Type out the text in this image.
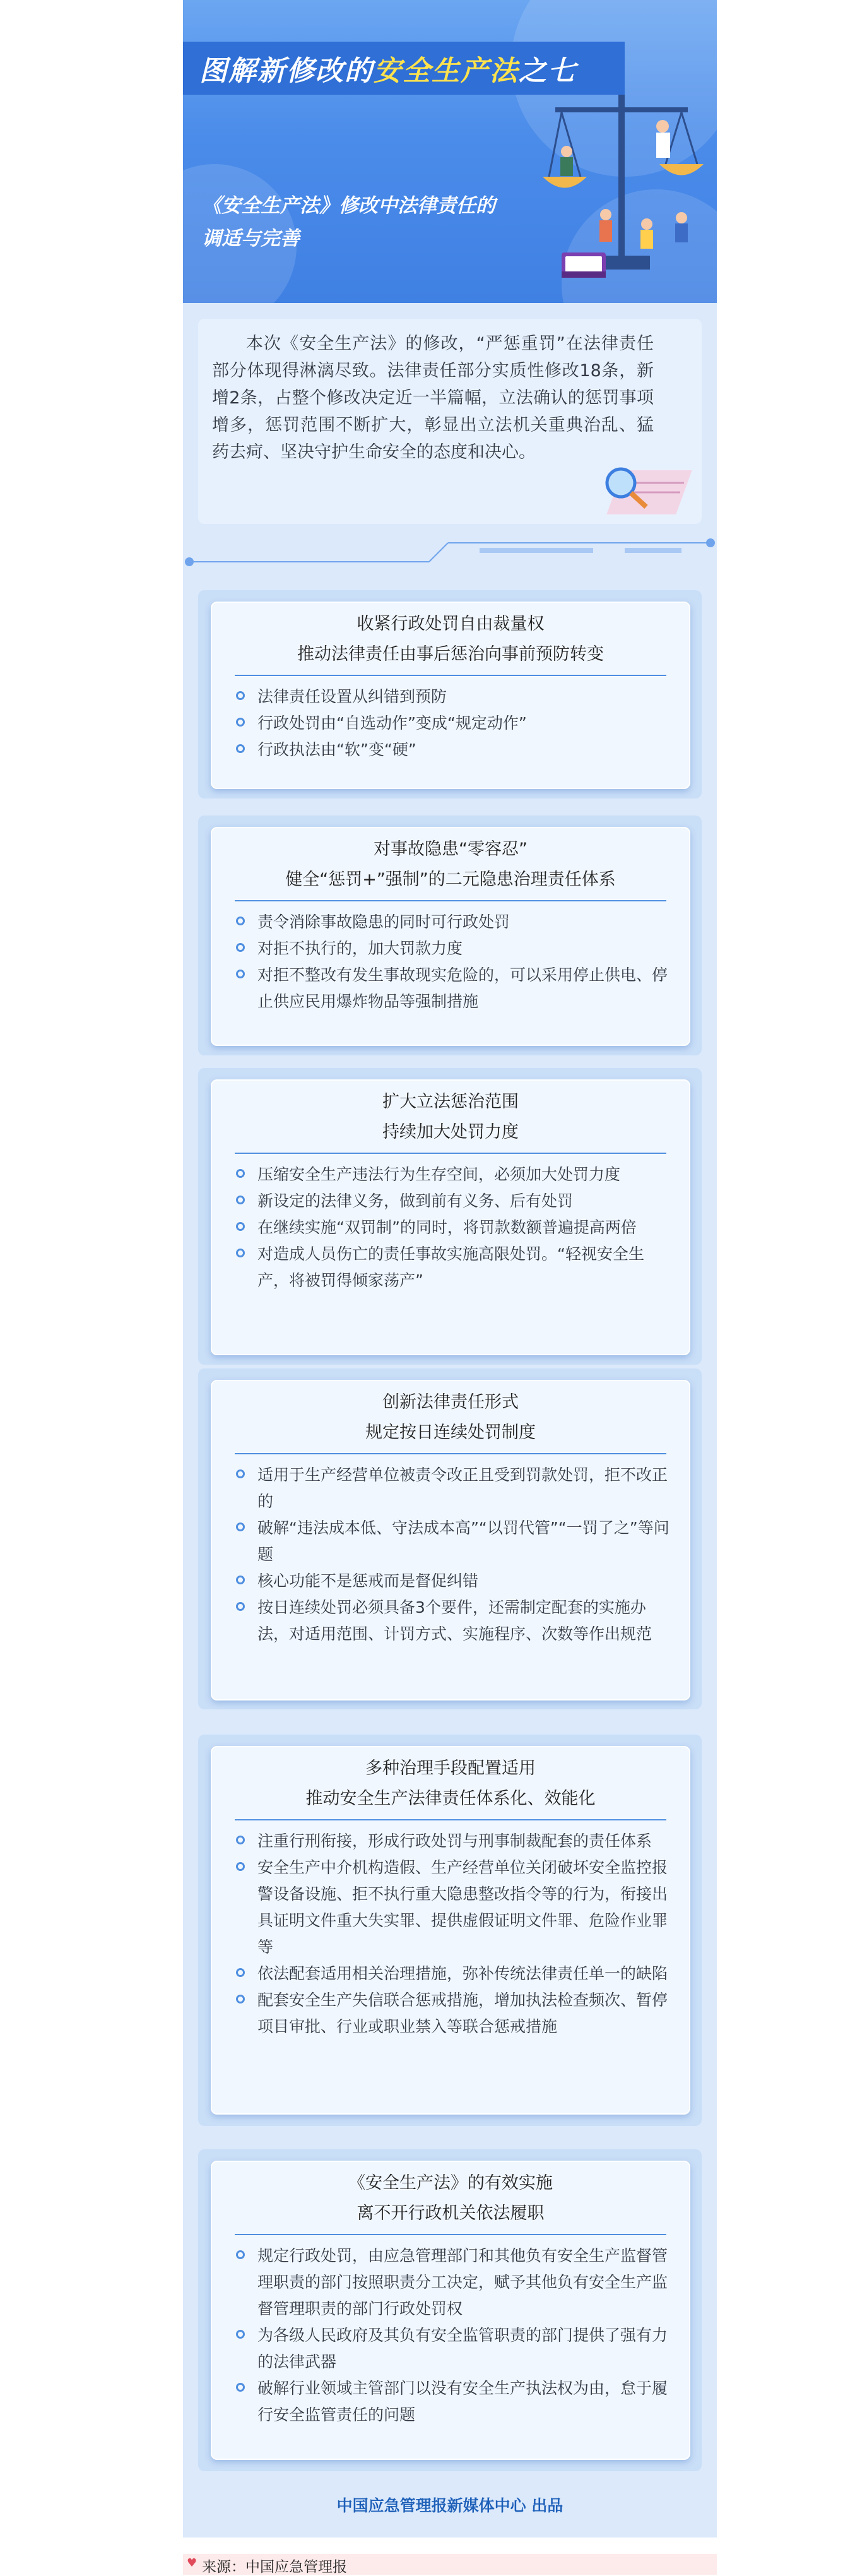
图解新修改的安全生产法之七
《安全生产法》修改中法律责任的
调适与完善
本次《安全生产法》的修改，“严惩重罚”在法律责任部分体现得淋漓尽致。法律责任部分实质性修改18条，新增2条，占整个修改决定近一半篇幅，立法确认的惩罚事项增多，惩罚范围不断扩大，彰显出立法机关重典治乱、猛药去疴、坚决守护生命安全的态度和决心。
收紧行政处罚自由裁量权
推动法律责任由事后惩治向事前预防转变
法律责任设置从纠错到预防
行政处罚由“自选动作”变成“规定动作”
行政执法由“软”变“硬”
对事故隐患“零容忍”
健全“惩罚+”强制”的二元隐患治理责任体系
责令消除事故隐患的同时可行政处罚
对拒不执行的，加大罚款力度
对拒不整改有发生事故现实危险的，可以采用停止供电、停止供应民用爆炸物品等强制措施
扩大立法惩治范围
持续加大处罚力度
压缩安全生产违法行为生存空间，必须加大处罚力度
新设定的法律义务，做到前有义务、后有处罚
在继续实施“双罚制”的同时，将罚款数额普遍提高两倍
对造成人员伤亡的责任事故实施高限处罚。“轻视安全生产，将被罚得倾家荡产”
创新法律责任形式
规定按日连续处罚制度
适用于生产经营单位被责令改正且受到罚款处罚，拒不改正的
破解“违法成本低、守法成本高”“以罚代管”“一罚了之”等问题
核心功能不是惩戒而是督促纠错
按日连续处罚必须具备3个要件，还需制定配套的实施办法，对适用范围、计罚方式、实施程序、次数等作出规范
多种治理手段配置适用
推动安全生产法律责任体系化、效能化
注重行刑衔接，形成行政处罚与刑事制裁配套的责任体系
安全生产中介机构造假、生产经营单位关闭破坏安全监控报警设备设施、拒不执行重大隐患整改指令等的行为，衔接出具证明文件重大失实罪、提供虚假证明文件罪、危险作业罪等
依法配套适用相关治理措施，弥补传统法律责任单一的缺陷
配套安全生产失信联合惩戒措施，增加执法检查频次、暂停项目审批、行业或职业禁入等联合惩戒措施
《安全生产法》的有效实施
离不开行政机关依法履职
规定行政处罚，由应急管理部门和其他负有安全生产监督管理职责的部门按照职责分工决定，赋予其他负有安全生产监督管理职责的部门行政处罚权
为各级人民政府及其负有安全监管职责的部门提供了强有力的法律武器
破解行业领域主管部门以没有安全生产执法权为由，怠于履行安全监管责任的问题
中国应急管理报新媒体中心 出品
♥ 来源：中国应急管理报
